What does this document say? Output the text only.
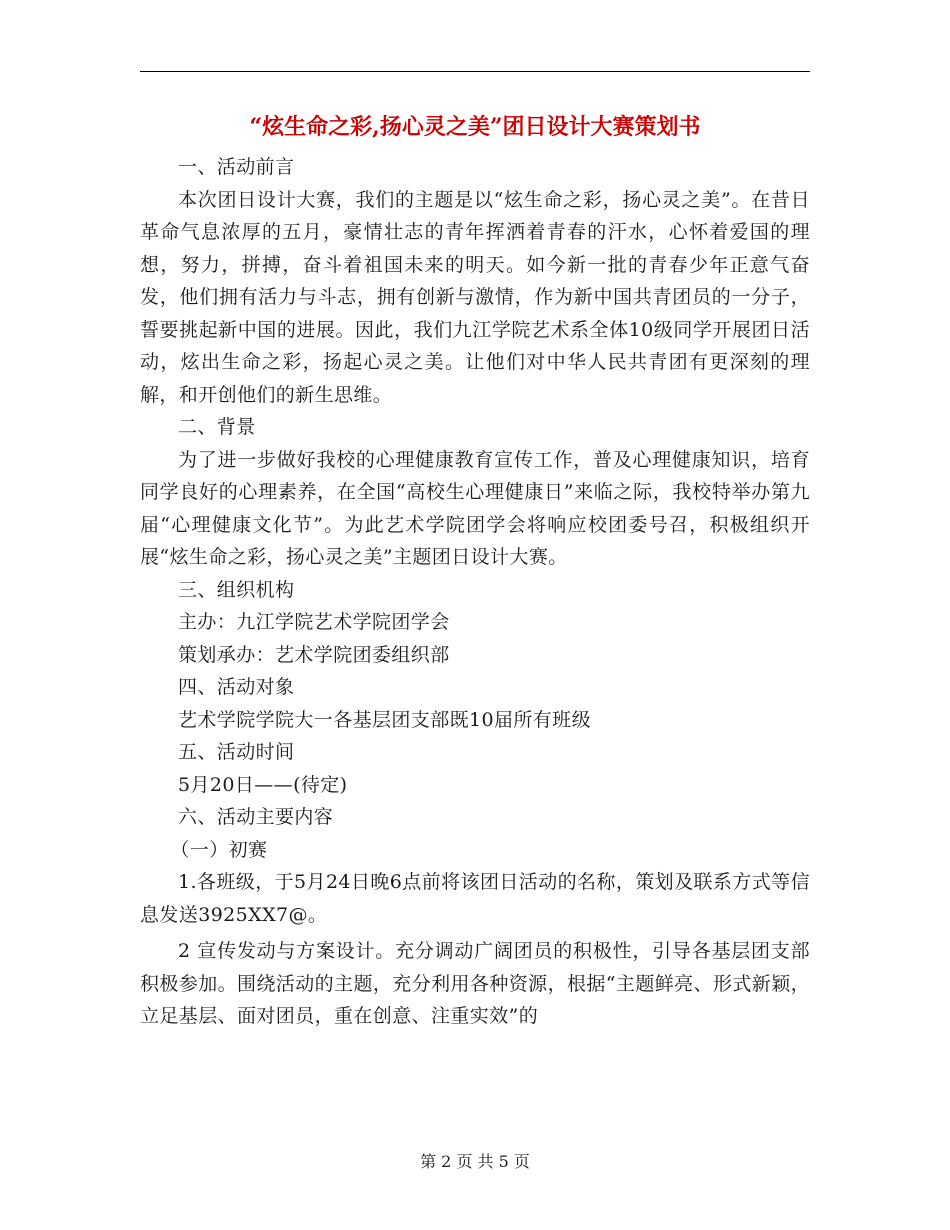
“炫生命之彩,扬心灵之美”团日设计大赛策划书

一、活动前言

本次团日设计大赛，我们的主题是以“炫生命之彩，扬心灵之美”。在昔日革命气息浓厚的五月，豪情壮志的青年挥洒着青春的汗水，心怀着爱国的理想，努力，拼搏，奋斗着祖国未来的明天。如今新一批的青春少年正意气奋发，他们拥有活力与斗志，拥有创新与激情，作为新中国共青团员的一分子，誓要挑起新中国的进展。因此，我们九江学院艺术系全体10级同学开展团日活动，炫出生命之彩，扬起心灵之美。让他们对中华人民共青团有更深刻的理解，和开创他们的新生思维。

二、背景

为了进一步做好我校的心理健康教育宣传工作，普及心理健康知识，培育同学良好的心理素养，在全国“高校生心理健康日”来临之际，我校特举办第九届“心理健康文化节”。为此艺术学院团学会将响应校团委号召，积极组织开展“炫生命之彩，扬心灵之美”主题团日设计大赛。

三、组织机构

主办：九江学院艺术学院团学会

策划承办：艺术学院团委组织部

四、活动对象

艺术学院学院大一各基层团支部既10届所有班级

五、活动时间

5月20日——(待定)

六、活动主要内容

（一）初赛

1.各班级，于5月24日晚6点前将该团日活动的名称，策划及联系方式等信息发送3925XX7@。

2 宣传发动与方案设计。充分调动广阔团员的积极性，引导各基层团支部积极参加。围绕活动的主题，充分利用各种资源，根据“主题鲜亮、形式新颖，立足基层、面对团员，重在创意、注重实效”的

第 2 页 共 5 页
